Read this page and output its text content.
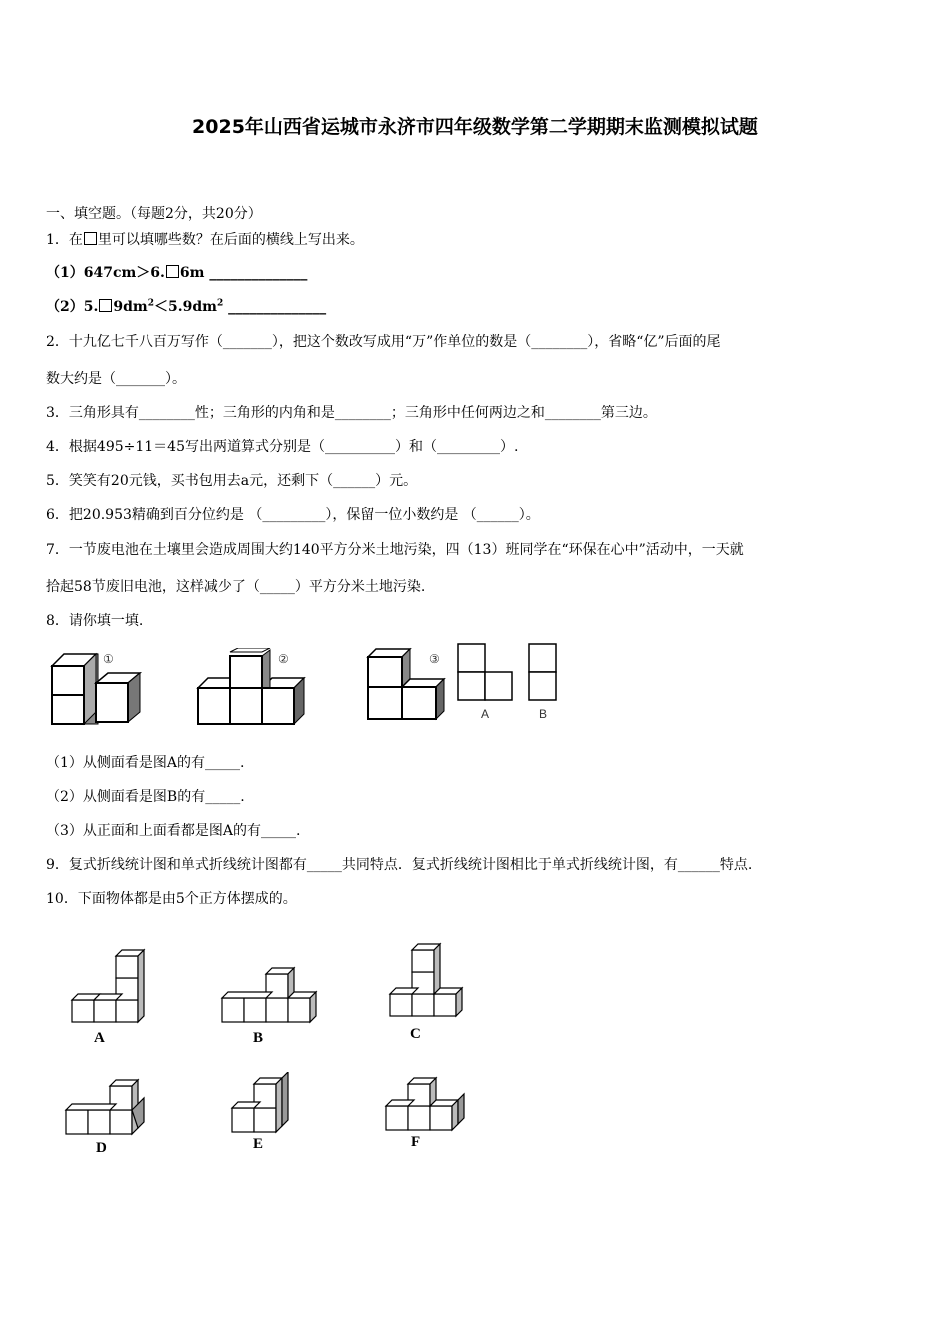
2025年山西省运城市永济市四年级数学第二学期期末监测模拟试题
一、填空题。（每题2分，共20分）
1．在 里可以填哪些数？在后面的横线上写出来。
（1）647cm＞6. 6m ______________
（2）5. $9dm^2<5.9dm^2$ ______________
2．十九亿七千八百万写作（_______），把这个数改写成用“万”作单位的数是（________），省略“亿”后面的尾
数大约是（_______）。
3．三角形具有________性；三角形的内角和是________；三角形中任何两边之和________第三边。
4．根据495÷11＝45写出两道算式分别是（__________）和（_________）.
5．笑笑有20元钱，买书包用去a元，还剩下（______）元。
6．把20.953精确到百分位约是 （_________），保留一位小数约是 （______）。
7．一节废电池在土壤里会造成周围大约140平方分米土地污染，四（13）班同学在“环保在心中”活动中，一天就
拾起58节废旧电池，这样减少了（_____）平方分米土地污染.
8．请你填一填.
①	②	③
A	B
（1）从侧面看是图A的有_____.
（2）从侧面看是图B的有_____.
（3）从正面和上面看都是图A的有_____.
9．复式折线统计图和单式折线统计图都有_____共同特点．复式折线统计图相比于单式折线统计图，有______特点.
10．下面物体都是由5个正方体摆成的。
A	B	C
D	E	F
